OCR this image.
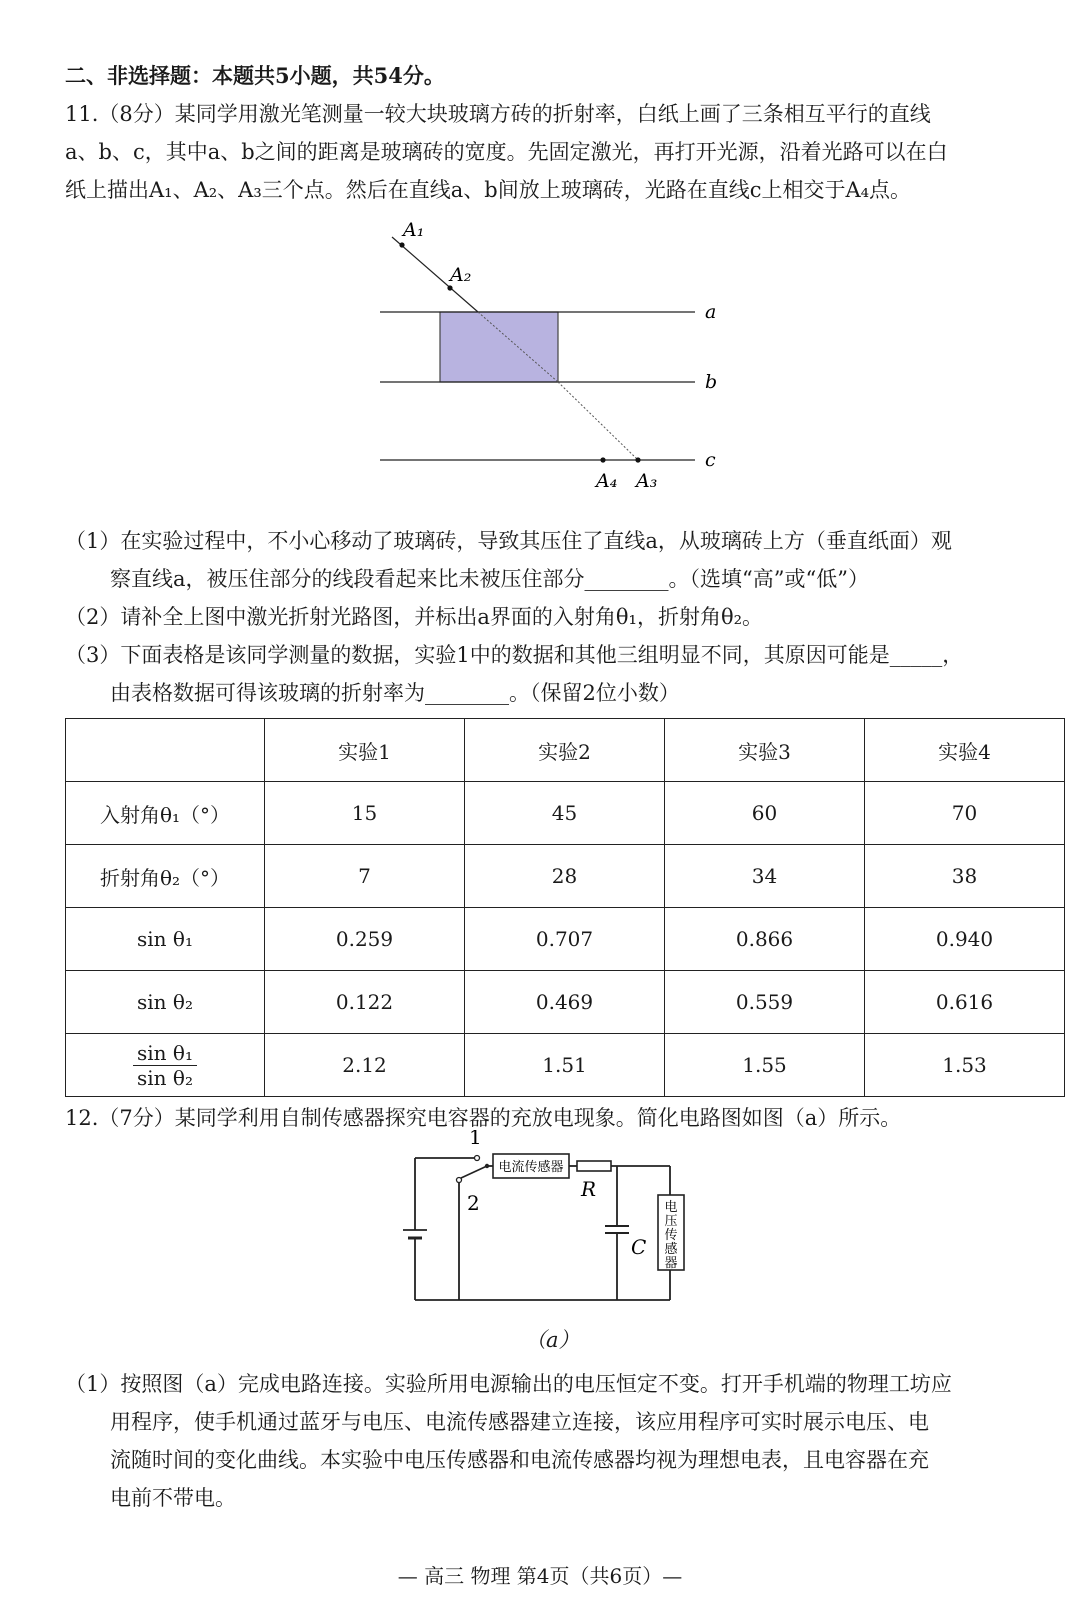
二、非选择题：本题共5小题，共54分。
11.（8分）某同学用激光笔测量一较大块玻璃方砖的折射率，白纸上画了三条相互平行的直线
a、b、c，其中a、b之间的距离是玻璃砖的宽度。先固定激光，再打开光源，沿着光路可以在白
纸上描出A₁、A₂、A₃三个点。然后在直线a、b间放上玻璃砖，光路在直线c上相交于A₄点。
A₁
A₂
a
b
c
A₄ A₃
（1）在实验过程中，不小心移动了玻璃砖，导致其压住了直线a，从玻璃砖上方（垂直纸面）观
察直线a，被压住部分的线段看起来比未被压住部分________。（选填“高”或“低”）
（2）请补全上图中激光折射光路图，并标出a界面的入射角θ₁，折射角θ₂。
（3）下面表格是该同学测量的数据，实验1中的数据和其他三组明显不同，其原因可能是_____，
由表格数据可得该玻璃的折射率为________。（保留2位小数）
	实验1	实验2	实验3	实验4
入射角θ₁（°）	15	45	60	70
折射角θ₂（°）	7	28	34	38
sin θ₁	0.259	0.707	0.866	0.940
sin θ₂	0.122	0.469	0.559	0.616

$\frac{\text{sin θ₁}}{\text{sin θ₂}}$	2.12	1.51	1.55	1.53
12.（7分）某同学利用自制传感器探究电容器的充放电现象。简化电路图如图（a）所示。
电流传感器
电
压
传
感
器
1
2
R
C
（a）
（1）按照图（a）完成电路连接。实验所用电源输出的电压恒定不变。打开手机端的物理工坊应
用程序，使手机通过蓝牙与电压、电流传感器建立连接，该应用程序可实时展示电压、电
流随时间的变化曲线。本实验中电压传感器和电流传感器均视为理想电表，且电容器在充
电前不带电。
— 高三 物理 第4页（共6页）—
